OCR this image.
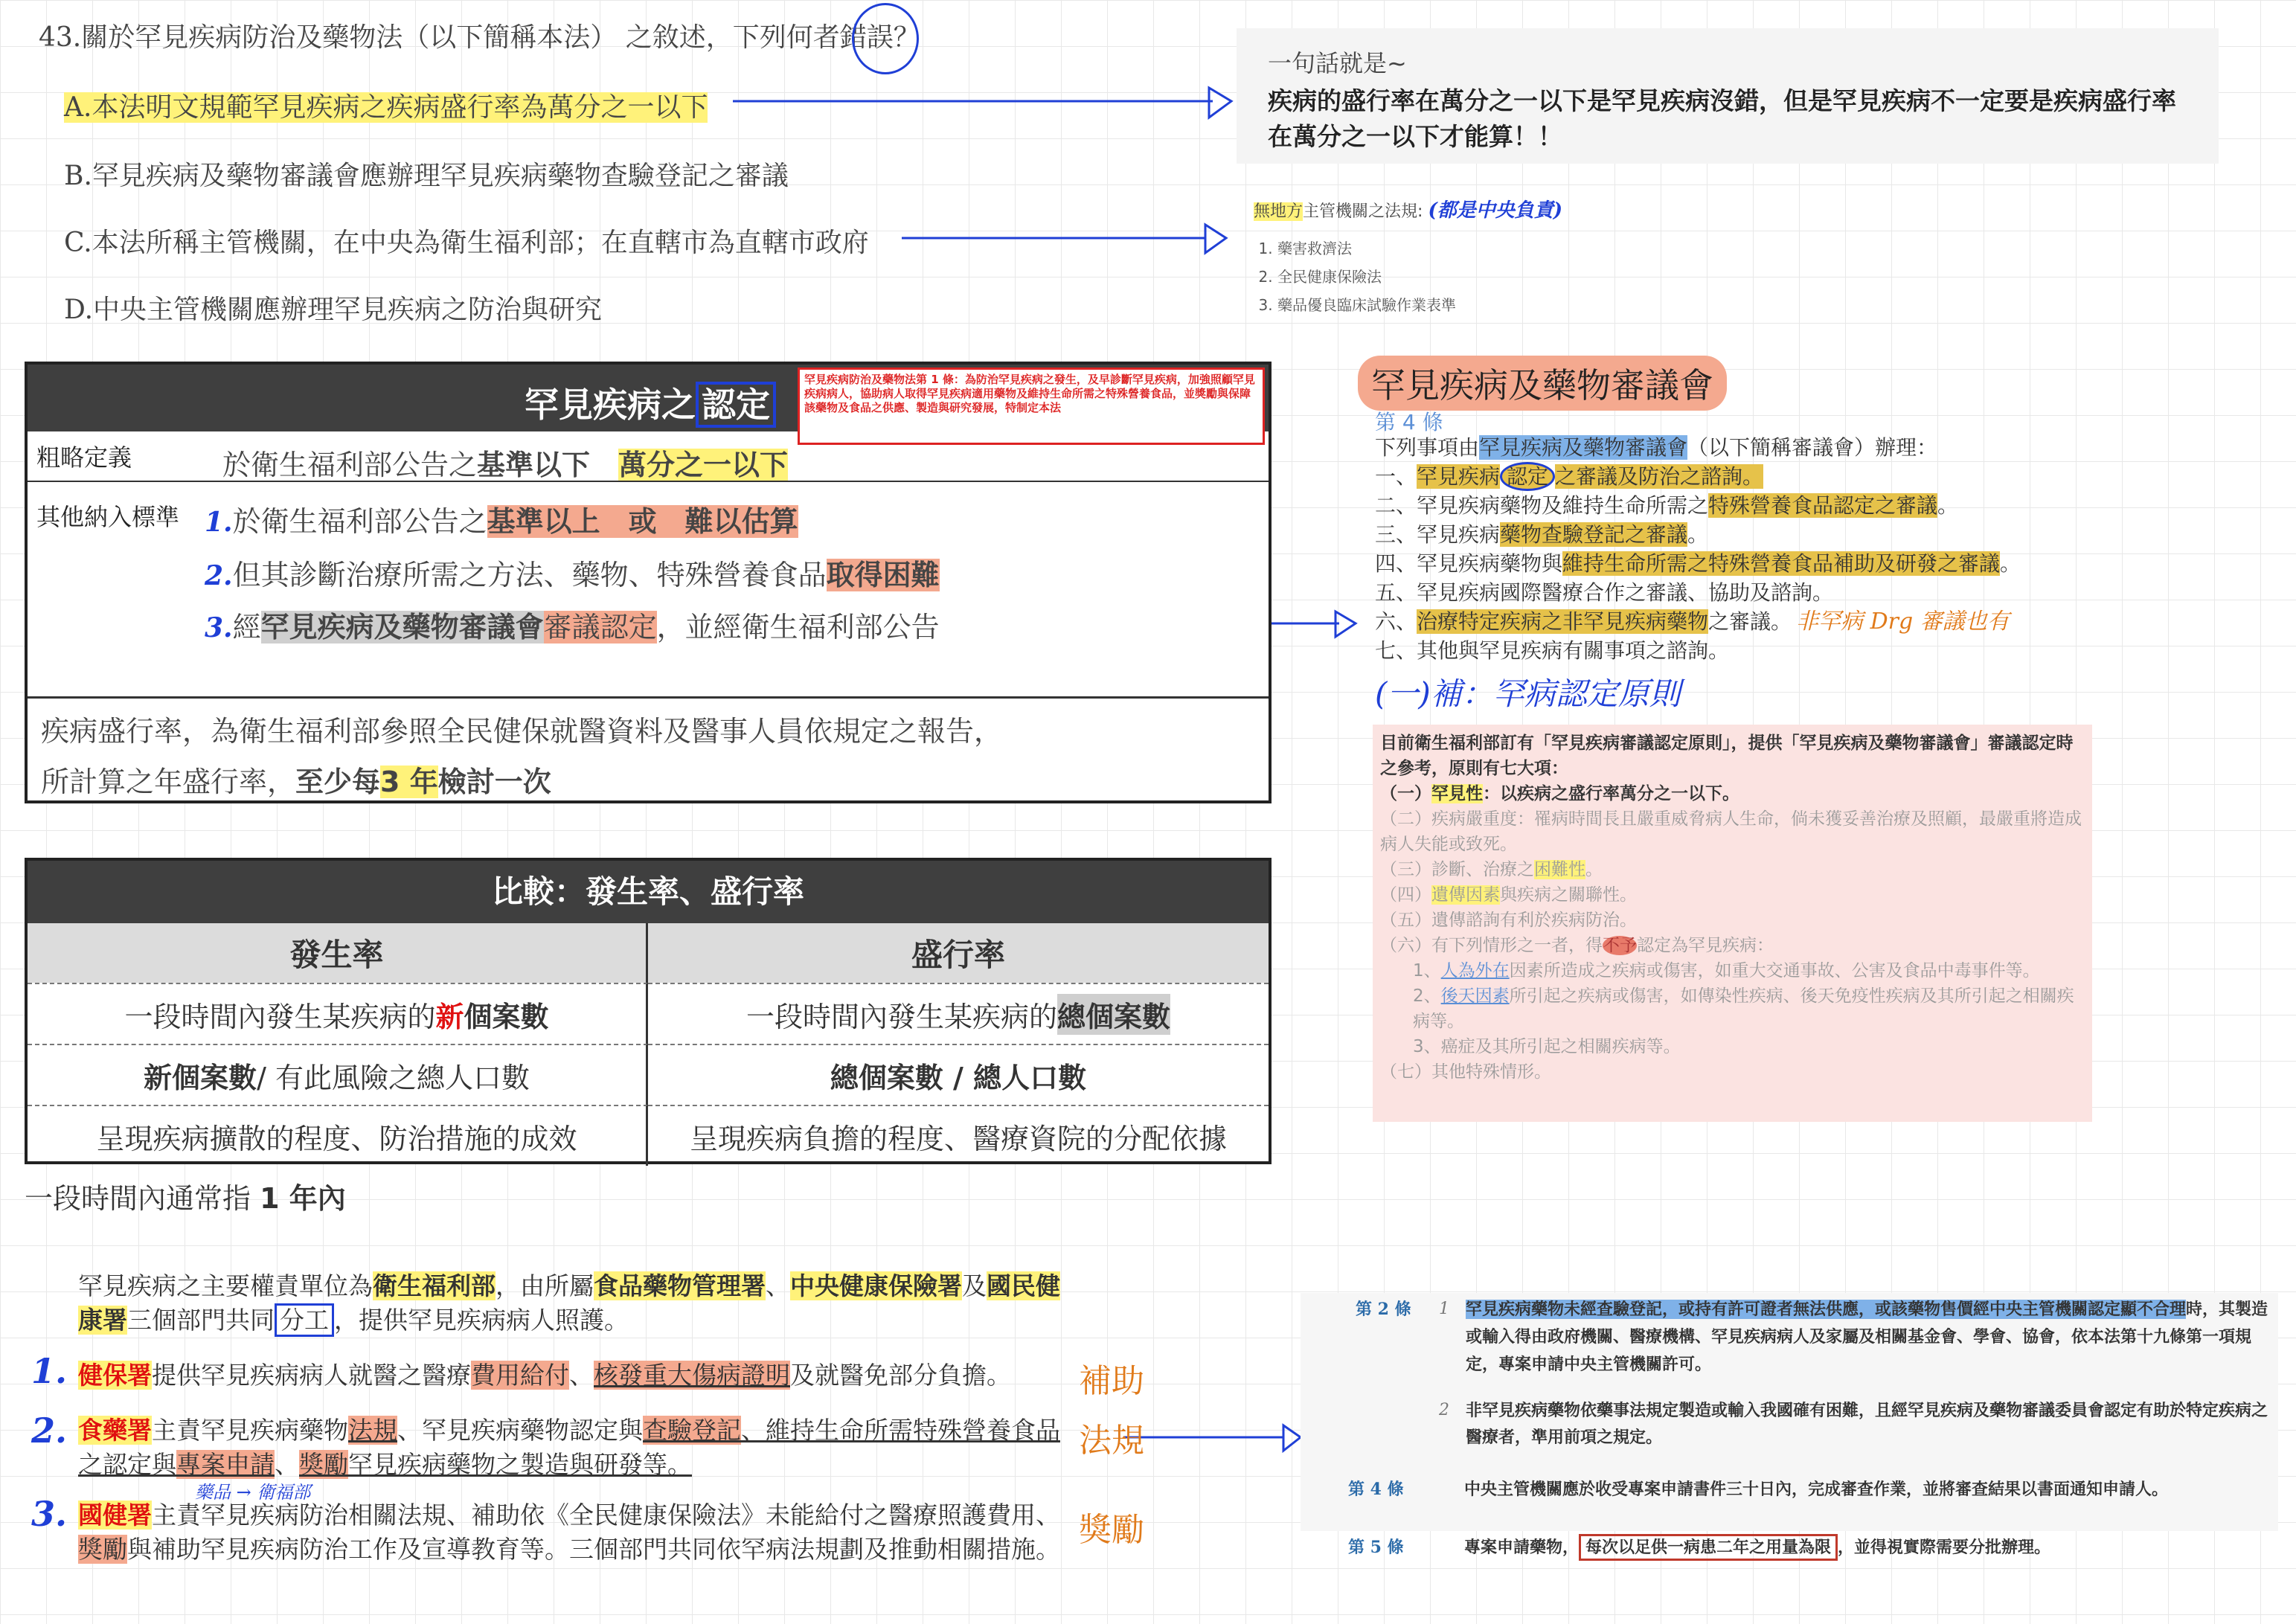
43.關於罕見疾病防治及藥物法（以下簡稱本法） 之敘述，下列何者錯誤？
A.本法明文規範罕見疾病之疾病盛行率為萬分之一以下
B.罕見疾病及藥物審議會應辦理罕見疾病藥物查驗登記之審議
C.本法所稱主管機關，在中央為衛生福利部；在直轄市為直轄市政府
D.中央主管機關應辦理罕見疾病之防治與研究
一句話就是~
疾病的盛行率在萬分之一以下是罕見疾病沒錯，但是罕見疾病不一定要是疾病盛行率在萬分之一以下才能算！！
無地方主管機關之法規: (都是中央負責)
1. 藥害救濟法
2. 全民健康保險法
3. 藥品優良臨床試驗作業表準
罕見疾病之 認定
罕見疾病防治及藥物法第 1 條：為防治罕見疾病之發生，及早診斷罕見疾病，加強照顧罕見疾病病人，協助病人取得罕見疾病適用藥物及維持生命所需之特殊營養食品，並獎勵與保障該藥物及食品之供應、製造與研究發展，特制定本法
粗略定義	於衛生福利部公告之基準以下　 萬分之一以下
其他納入標準 1.於衛生福利部公告之基準以上　或　難以估算
2.但其診斷治療所需之方法、藥物、特殊營養食品取得困難
3.經罕見疾病及藥物審議會審議認定，並經衛生福利部公告
疾病盛行率，為衛生福利部參照全民健保就醫資料及醫事人員依規定之報告，
所計算之年盛行率，至少每3 年檢討一次
比較：發生率、盛行率
發生率	盛行率
一段時間內發生某疾病的 新 個案數	一段時間內發生某疾病的 總個案數
新個案數 / 有此風險之總人口數	總個案數 / 總人口數
呈現疾病擴散的程度、防治措施的成效	呈現疾病負擔的程度、醫療資院的分配依據
一段時間內通常指 1 年內
罕見疾病及藥物審議會
第 4 條
下列事項由罕見疾病及藥物審議會（以下簡稱審議會）辦理：
一、罕見疾病 認定 之審議及防治之諮詢。
二、罕見疾病藥物及維持生命所需之特殊營養食品認定之審議。
三、罕見疾病藥物查驗登記之審議。
四、罕見疾病藥物與維持生命所需之特殊營養食品補助及研發之審議。
五、罕見疾病國際醫療合作之審議、協助及諮詢。
六、治療特定疾病之非罕見疾病藥物之審議。 非罕病 Drg 審議也有
七、其他與罕見疾病有關事項之諮詢。
(一)補：罕病認定原則
目前衛生福利部訂有「罕見疾病審議認定原則」，提供「罕見疾病及藥物審議會」審議認定時之參考，原則有七大項：
（一）罕見性：以疾病之盛行率萬分之一以下。
（二）疾病嚴重度：罹病時間長且嚴重威脅病人生命，倘未獲妥善治療及照顧，最嚴重將造成病人失能或致死。
（三）診斷、治療之困難性。
（四）遺傳因素與疾病之關聯性。
（五）遺傳諮詢有利於疾病防治。
（六）有下列情形之一者，得不予認定為罕見疾病：
1、人為外在因素所造成之疾病或傷害，如重大交通事故、公害及食品中毒事件等。
2、後天因素所引起之疾病或傷害，如傳染性疾病、後天免疫性疾病及其所引起之相關疾病等。
3、癌症及其所引起之相關疾病等。
（七）其他特殊情形。
罕見疾病之主要權責單位為衛生福利部，由所屬食品藥物管理署、中央健康保險署及國民健康署三個部門共同 分工 ，提供罕見疾病病人照護。
1. 健保署提供罕見疾病病人就醫之醫療費用給付、核發重大傷病證明及就醫免部分負擔。	補助
2. 食藥署主責罕見疾病藥物法規、罕見疾病藥物認定與查驗登記、維持生命所需特殊營養食品之認定與專案申請、獎勵罕見疾病藥物之製造與研發等。
藥品 → 衛福部
法規
3. 國健署主責罕見疾病防治相關法規、補助依《全民健康保險法》未能給付之醫療照護費用、獎勵與補助罕見疾病防治工作及宣導教育等。三個部門共同依罕病法規劃及推動相關措施。
獎勵
第 2 條 1 罕見疾病藥物未經查驗登記，或持有許可證者無法供應，或該藥物售價經中央主管機關認定顯不合理時，其製造或輸入得由政府機關、醫療機構、罕見疾病病人及家屬及相關基金會、學會、協會，依本法第十九條第一項規定，專案申請中央主管機關許可。
2 非罕見疾病藥物依藥事法規定製造或輸入我國確有困難，且經罕見疾病及藥物審議委員會認定有助於特定疾病之醫療者，準用前項之規定。
第 4 條	中央主管機關應於收受專案申請書件三十日內，完成審查作業，並將審查結果以書面通知申請人。
第 5 條	專案申請藥物， 每次以足供一病患二年之用量為限 ，並得視實際需要分批辦理。
